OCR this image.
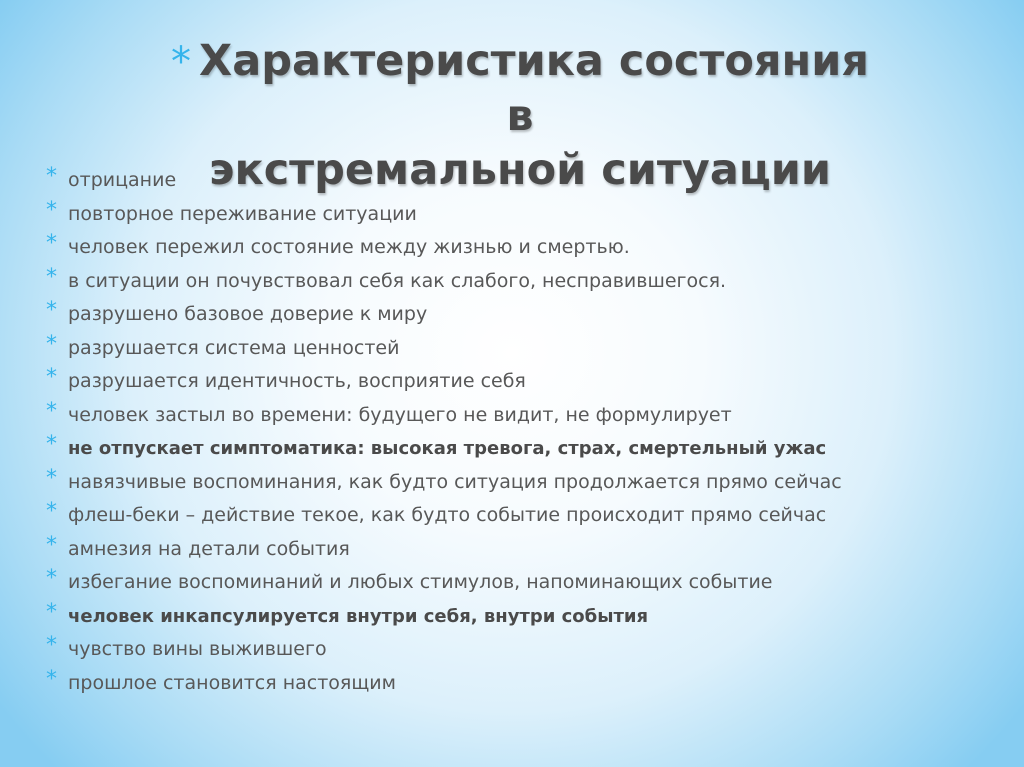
* Характеристика состояния в
экстремальной ситуации
* отрицание
* повторное переживание ситуации
* человек пережил состояние между жизнью и смертью.
* в ситуации он почувствовал себя как слабого, несправившегося.
* разрушено базовое доверие к миру
* разрушается система ценностей
* разрушается идентичность, восприятие себя
* человек застыл во времени: будущего не видит, не формулирует
* не отпускает симптоматика: высокая тревога, страх, смертельный ужас
* навязчивые воспоминания, как будто ситуация продолжается прямо сейчас
* флеш-беки – действие текое, как будто событие происходит прямо сейчас
* амнезия на детали события
* избегание воспоминаний и любых стимулов, напоминающих событие
* человек инкапсулируется внутри себя, внутри события
* чувство вины выжившего
* прошлое становится настоящим
